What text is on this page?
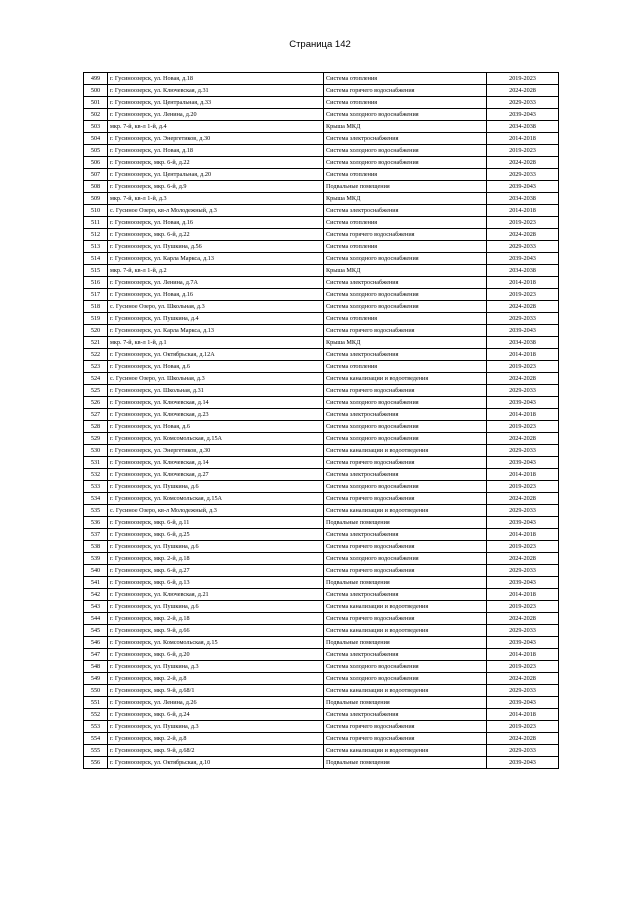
Страница 142
499	г. Гусиноозерск, ул. Новая, д.18	Система отопления	2019-2023
500	г. Гусиноозерск, ул. Ключевская, д.31	Система горячего водоснабжения	2024-2028
501	г. Гусиноозерск, ул. Центральная, д.33	Система отопления	2029-2033
502	г. Гусиноозерск, ул. Ленина, д.20	Система холодного водоснабжения	2039-2043
503	мкр. 7-й, кв-л 1-й, д.4	Крыша МКД	2034-2038
504	г. Гусиноозерск, ул. Энергетиков, д.30	Система электроснабжения	2014-2018
505	г. Гусиноозерск, ул. Новая, д.18	Система холодного водоснабжения	2019-2023
506	г. Гусиноозерск, мкр. 6-й, д.22	Система холодного водоснабжения	2024-2028
507	г. Гусиноозерск, ул. Центральная, д.20	Система отопления	2029-2033
508	г. Гусиноозерск, мкр. 6-й, д.9	Подвальные помещения	2039-2043
509	мкр. 7-й, кв-л 1-й, д.3	Крыша МКД	2034-2038
510	с. Гусиное Озеро, кв-л Молодежный, д.3	Система электроснабжения	2014-2018
511	г. Гусиноозерск, ул. Новая, д.16	Система отопления	2019-2023
512	г. Гусиноозерск, мкр. 6-й, д.22	Система горячего водоснабжения	2024-2028
513	г. Гусиноозерск, ул. Пушкина, д.56	Система отопления	2029-2033
514	г. Гусиноозерск, ул. Карла Маркса, д.13	Система холодного водоснабжения	2039-2043
515	мкр. 7-й, кв-л 1-й, д.2	Крыша МКД	2034-2038
516	г. Гусиноозерск, ул. Ленина, д.7А	Система электроснабжения	2014-2018
517	г. Гусиноозерск, ул. Новая, д.16	Система холодного водоснабжения	2019-2023
518	с. Гусиное Озеро, ул. Школьная, д.3	Система холодного водоснабжения	2024-2028
519	г. Гусиноозерск, ул. Пушкина, д.4	Система отопления	2029-2033
520	г. Гусиноозерск, ул. Карла Маркса, д.13	Система горячего водоснабжения	2039-2043
521	мкр. 7-й, кв-л 1-й, д.1	Крыша МКД	2034-2038
522	г. Гусиноозерск, ул. Октябрьская, д.12А	Система электроснабжения	2014-2018
523	г. Гусиноозерск, ул. Новая, д.6	Система отопления	2019-2023
524	с. Гусиное Озеро, ул. Школьная, д.3	Система канализации и водоотведения	2024-2028
525	г. Гусиноозерск, ул. Школьная, д.31	Система горячего водоснабжения	2029-2033
526	г. Гусиноозерск, ул. Ключевская, д.14	Система холодного водоснабжения	2039-2043
527	г. Гусиноозерск, ул. Ключевская, д.23	Система электроснабжения	2014-2018
528	г. Гусиноозерск, ул. Новая, д.6	Система холодного водоснабжения	2019-2023
529	г. Гусиноозерск, ул. Комсомольская, д.15А	Система холодного водоснабжения	2024-2028
530	г. Гусиноозерск, ул. Энергетиков, д.30	Система канализации и водоотведения	2029-2033
531	г. Гусиноозерск, ул. Ключевская, д.14	Система горячего водоснабжения	2039-2043
532	г. Гусиноозерск, ул. Ключевская, д.27	Система электроснабжения	2014-2018
533	г. Гусиноозерск, ул. Пушкина, д.6	Система холодного водоснабжения	2019-2023
534	г. Гусиноозерск, ул. Комсомольская, д.15А	Система горячего водоснабжения	2024-2028
535	с. Гусиное Озеро, кв-л Молодежный, д.3	Система канализации и водоотведения	2029-2033
536	г. Гусиноозерск, мкр. 6-й, д.11	Подвальные помещения	2039-2043
537	г. Гусиноозерск, мкр. 6-й, д.25	Система электроснабжения	2014-2018
538	г. Гусиноозерск, ул. Пушкина, д.6	Система горячего водоснабжения	2019-2023
539	г. Гусиноозерск, мкр. 2-й, д.18	Система холодного водоснабжения	2024-2028
540	г. Гусиноозерск, мкр. 6-й, д.27	Система горячего водоснабжения	2029-2033
541	г. Гусиноозерск, мкр. 6-й, д.13	Подвальные помещения	2039-2043
542	г. Гусиноозерск, ул. Ключевская, д.21	Система электроснабжения	2014-2018
543	г. Гусиноозерск, ул. Пушкина, д.6	Система канализации и водоотведения	2019-2023
544	г. Гусиноозерск, мкр. 2-й, д.18	Система горячего водоснабжения	2024-2028
545	г. Гусиноозерск, мкр. 9-й, д.66	Система канализации и водоотведения	2029-2033
546	г. Гусиноозерск, ул. Комсомольская, д.15	Подвальные помещения	2039-2043
547	г. Гусиноозерск, мкр. 6-й, д.20	Система электроснабжения	2014-2018
548	г. Гусиноозерск, ул. Пушкина, д.3	Система холодного водоснабжения	2019-2023
549	г. Гусиноозерск, мкр. 2-й, д.8	Система холодного водоснабжения	2024-2028
550	г. Гусиноозерск, мкр. 9-й, д.68/1	Система канализации и водоотведения	2029-2033
551	г. Гусиноозерск, ул. Ленина, д.26	Подвальные помещения	2039-2043
552	г. Гусиноозерск, мкр. 6-й, д.24	Система электроснабжения	2014-2018
553	г. Гусиноозерск, ул. Пушкина, д.3	Система горячего водоснабжения	2019-2023
554	г. Гусиноозерск, мкр. 2-й, д.8	Система горячего водоснабжения	2024-2028
555	г. Гусиноозерск, мкр. 9-й, д.68/2	Система канализации и водоотведения	2029-2033
556	г. Гусиноозерск, ул. Октябрьская, д.10	Подвальные помещения	2039-2043
